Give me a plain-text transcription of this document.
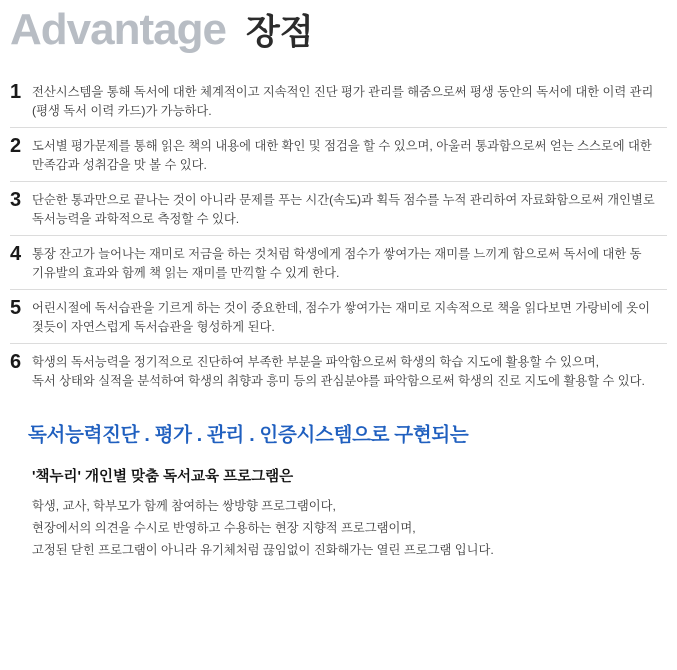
Advantage 장점
1 전산시스템을 통해 독서에 대한 체계적이고 지속적인 진단 평가 관리를 해줌으로써 평생 동안의 독서에 대한 이력 관리
(평생 독서 이력 카드)가 가능하다.
2 도서별 평가문제를 통해 읽은 책의 내용에 대한 확인 및 점검을 할 수 있으며, 아울러 통과함으로써 얻는 스스로에 대한
만족감과 성취감을 맛 볼 수 있다.
3 단순한 통과만으로 끝나는 것이 아니라 문제를 푸는 시간(속도)과 획득 점수를 누적 관리하여 자료화함으로써 개인별로
독서능력을 과학적으로 측정할 수 있다.
4 통장 잔고가 늘어나는 재미로 저금을 하는 것처럼 학생에게 점수가 쌓여가는 재미를 느끼게 함으로써 독서에 대한 동
기유발의 효과와 함께 책 읽는 재미를 만끽할 수 있게 한다.
5 어린시절에 독서습관을 기르게 하는 것이 중요한데, 점수가 쌓여가는 재미로 지속적으로 책을 읽다보면 가랑비에 옷이
젖듯이 자연스럽게 독서습관을 형성하게 된다.
6 학생의 독서능력을 정기적으로 진단하여 부족한 부분을 파악함으로써 학생의 학습 지도에 활용할 수 있으며,
독서 상태와 실적을 분석하여 학생의 취향과 흥미 등의 관심분야를 파악함으로써 학생의 진로 지도에 활용할 수 있다.
독서능력진단 . 평가 . 관리 . 인증시스템으로 구현되는
'책누리' 개인별 맞춤 독서교육 프로그램은
학생, 교사, 학부모가 함께 참여하는 쌍방향 프로그램이다,
현장에서의 의견을 수시로 반영하고 수용하는 현장 지향적 프로그램이며,
고정된 닫힌 프로그램이 아니라 유기체처럼 끊임없이 진화해가는 열린 프로그램 입니다.
